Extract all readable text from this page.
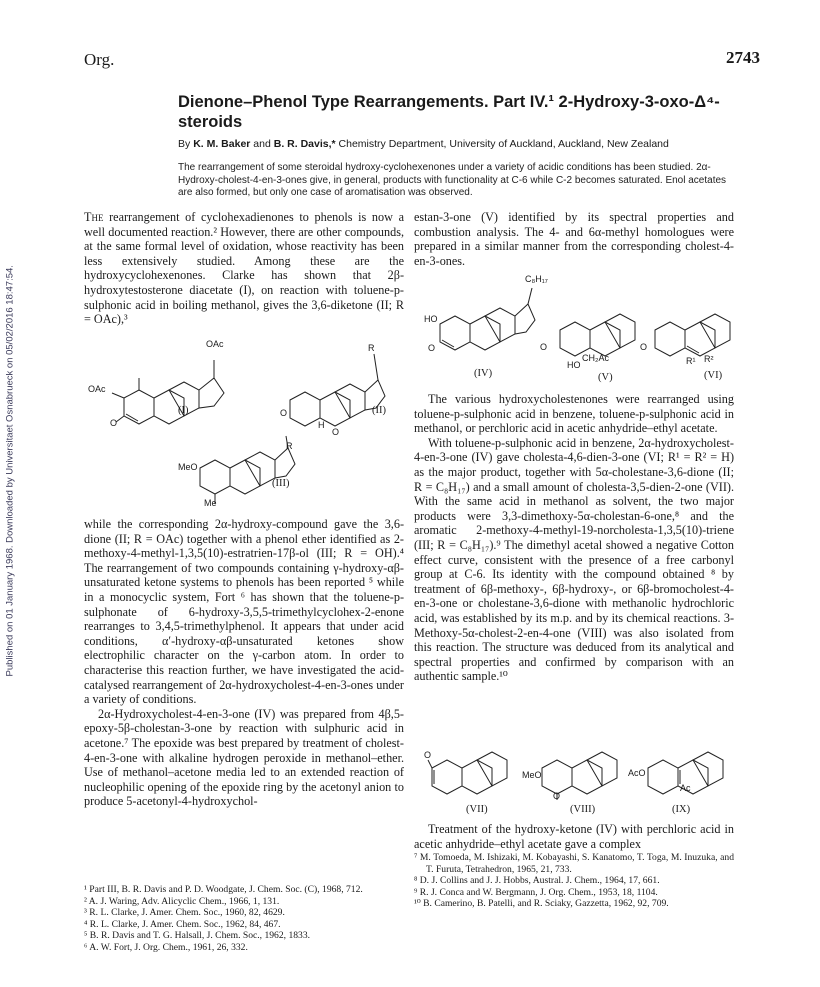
Published on 01 January 1968. Downloaded by Universitaet Osnabrueck on 05/02/2016 18:47:54.
Org.	2743
Dienone–Phenol Type Rearrangements. Part IV.¹ 2-Hydroxy-3-oxo-Δ⁴-steroids
By K. M. Baker and B. R. Davis,* Chemistry Department, University of Auckland, Auckland, New Zealand
The rearrangement of some steroidal hydroxy-cyclohexenones under a variety of acidic conditions has been studied. 2α-Hydroxy-cholest-4-en-3-ones give, in general, products with functionality at C-6 while C-2 becomes saturated. Enol acetates are also formed, but only one case of aromatisation was observed.

The rearrangement of cyclohexadienones to phenols is now a well documented reaction.² However, there are other compounds, at the same formal level of oxidation, whose reactivity has been less extensively studied. Among these are the hydroxycyclohexenones. Clarke has shown that 2β-hydroxytestosterone diacetate (I), on reaction with toluene-p-sulphonic acid in boiling methanol, gives the 3,6-diketone (II; R = OAc),³

OAc
OAc
O
(I)
R
O
H
O
(II)
R
MeO
Me
(III)

while the corresponding 2α-hydroxy-compound gave the 3,6-dione (II; R = OAc) together with a phenol ether identified as 2-methoxy-4-methyl-1,3,5(10)-estratrien-17β-ol (III; R = OH).⁴ The rearrangement of two compounds containing γ-hydroxy-αβ-unsaturated ketone systems to phenols has been reported ⁵ while in a monocyclic system, Fort ⁶ has shown that the toluene-p-sulphonate of 6-hydroxy-3,5,5-trimethylcyclohex-2-enone rearranges to 3,4,5-trimethylphenol. It appears that under acid conditions, α′-hydroxy-αβ-unsaturated ketones show electrophilic character on the γ-carbon atom. In order to characterise this reaction further, we have investigated the acid-catalysed rearrangement of 2α-hydroxycholest-4-en-3-ones under a variety of conditions.

2α-Hydroxycholest-4-en-3-one (IV) was prepared from 4β,5-epoxy-5β-cholestan-3-one by reaction with sulphuric acid in acetone.⁷ The epoxide was best prepared by treatment of cholest-4-en-3-one with alkaline hydrogen peroxide in methanol–ether. Use of methanol–acetone media led to an extended reaction of nucleophilic opening of the epoxide ring by the acetonyl anion to produce 5-acetonyl-4-hydroxychol-

¹ Part III, B. R. Davis and P. D. Woodgate, J. Chem. Soc. (C), 1968, 712.

² A. J. Waring, Adv. Alicyclic Chem., 1966, 1, 131.

³ R. L. Clarke, J. Amer. Chem. Soc., 1960, 82, 4629.

⁴ R. L. Clarke, J. Amer. Chem. Soc., 1962, 84, 467.

⁵ B. R. Davis and T. G. Halsall, J. Chem. Soc., 1962, 1833.

⁶ A. W. Fort, J. Org. Chem., 1961, 26, 332.

estan-3-one (V) identified by its spectral properties and combustion analysis. The 4- and 6α-methyl homologues were prepared in a similar manner from the corresponding cholest-4-en-3-ones.

C₈H₁₇
HO
O
(IV)
O
HO
CH₂Ac
(V)
O
R¹ R²
(VI)

The various hydroxycholestenones were rearranged using toluene-p-sulphonic acid in benzene, toluene-p-sulphonic acid in methanol, or perchloric acid in acetic anhydride–ethyl acetate.

With toluene-p-sulphonic acid in benzene, 2α-hydroxycholest-4-en-3-one (IV) gave cholesta-4,6-dien-3-one (VI; R¹ = R² = H) as the major product, together with 5α-cholestane-3,6-dione (II; R = C₈H₁₇) and a small amount of cholesta-3,5-dien-2-one (VII). With the same acid in methanol as solvent, the two major products were 3,3-dimethoxy-5α-cholestan-6-one,⁸ and the aromatic 2-methoxy-4-methyl-19-norcholesta-1,3,5(10)-triene (III; R = C₈H₁₇).⁹ The dimethyl acetal showed a negative Cotton effect curve, consistent with the presence of a free carbonyl group at C-6. Its identity with the compound obtained ⁸ by treatment of 6β-methoxy-, 6β-hydroxy-, or 6β-bromocholest-4-en-3-one or cholestane-3,6-dione with methanolic hydrochloric acid, was established by its m.p. and by its chemical reactions. 3-Methoxy-5α-cholest-2-en-4-one (VIII) was also isolated from this reaction. The structure was deduced from its analytical and spectral properties and confirmed by comparison with an authentic sample.¹⁰

O
(VII)
MeO
O
(VIII)
AcO
Ac
(IX)

Treatment of the hydroxy-ketone (IV) with perchloric acid in acetic anhydride–ethyl acetate gave a complex

⁷ M. Tomoeda, M. Ishizaki, M. Kobayashi, S. Kanatomo, T. Toga, M. Inuzuka, and T. Furuta, Tetrahedron, 1965, 21, 733.

⁸ D. J. Collins and J. J. Hobbs, Austral. J. Chem., 1964, 17, 661.

⁹ R. J. Conca and W. Bergmann, J. Org. Chem., 1953, 18, 1104.

¹⁰ B. Camerino, B. Patelli, and R. Sciaky, Gazzetta, 1962, 92, 709.
